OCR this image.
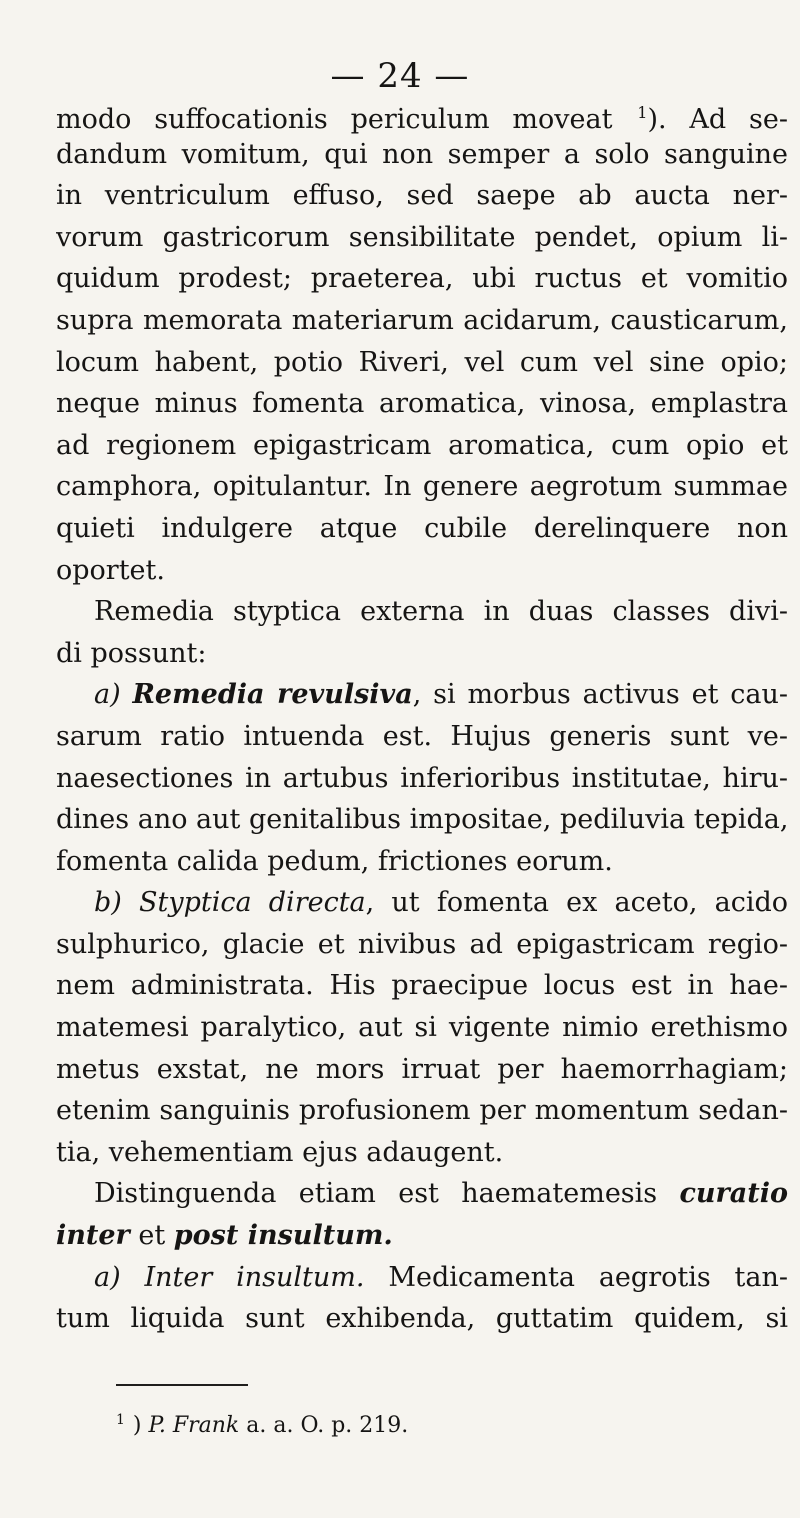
— 24 —
modo suffocationis periculum moveat $^1$). Ad se-
dandum vomitum, qui non semper a solo sanguine
in ventriculum effuso, sed saepe ab aucta ner-
vorum gastricorum sensibilitate pendet, opium li-
quidum prodest; praeterea, ubi ructus et vomitio
supra memorata materiarum acidarum, causticarum,
locum habent, potio Riveri, vel cum vel sine opio;
neque minus fomenta aromatica, vinosa, emplastra
ad regionem epigastricam aromatica, cum opio et
camphora, opitulantur. In genere aegrotum summae
quieti indulgere atque cubile derelinquere non
oportet.
Remedia styptica externa in duas classes divi-
di possunt:
a) Remedia revulsiva, si morbus activus et cau-
sarum ratio intuenda est. Hujus generis sunt ve-
naesectiones in artubus inferioribus institutae, hiru-
dines ano aut genitalibus impositae, pediluvia tepida,
fomenta calida pedum, frictiones eorum.
b) Styptica directa, ut fomenta ex aceto, acido
sulphurico, glacie et nivibus ad epigastricam regio-
nem administrata. His praecipue locus est in hae-
matemesi paralytico, aut si vigente nimio erethismo
metus exstat, ne mors irruat per haemorrhagiam;
etenim sanguinis profusionem per momentum sedan-
tia, vehementiam ejus adaugent.
Distinguenda etiam est haematemesis curatio
inter et post insultum.
a) Inter insultum. Medicamenta aegrotis tan-
tum liquida sunt exhibenda, guttatim quidem, si
$^1$ ) P. Frank a. a. O. p. 219.
